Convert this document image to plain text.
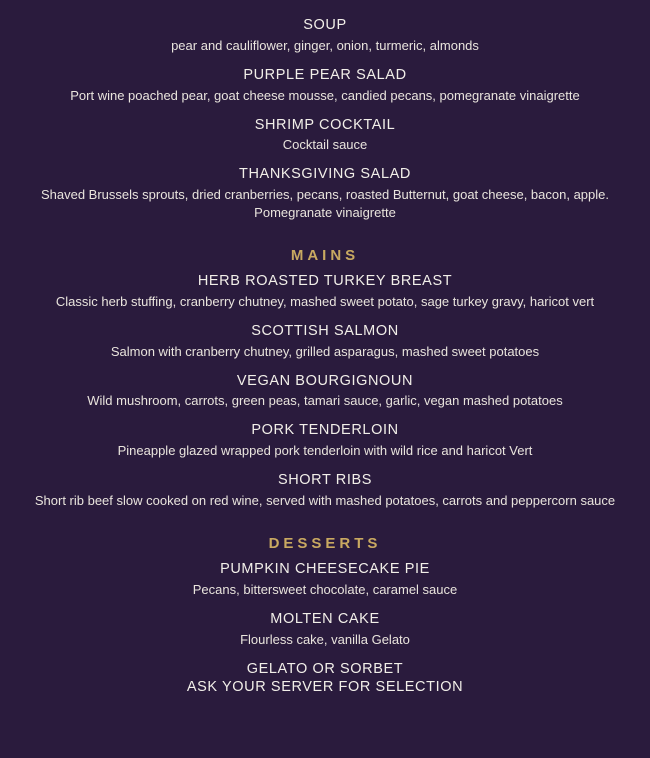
SOUP
pear and cauliflower, ginger, onion, turmeric, almonds
PURPLE PEAR SALAD
Port wine poached pear, goat cheese mousse, candied pecans, pomegranate vinaigrette
SHRIMP COCKTAIL
Cocktail sauce
THANKSGIVING SALAD
Shaved Brussels sprouts, dried cranberries, pecans, roasted Butternut, goat cheese, bacon, apple. Pomegranate vinaigrette
MAINS
HERB ROASTED TURKEY BREAST
Classic herb stuffing, cranberry chutney, mashed sweet potato, sage turkey gravy, haricot vert
SCOTTISH SALMON
Salmon with cranberry chutney, grilled asparagus, mashed sweet potatoes
VEGAN BOURGIGNOUN
Wild mushroom, carrots, green peas, tamari sauce, garlic, vegan mashed potatoes
PORK TENDERLOIN
Pineapple glazed wrapped pork tenderloin with wild rice and haricot Vert
SHORT RIBS
Short rib beef slow cooked on red wine, served with mashed potatoes, carrots and peppercorn sauce
DESSERTS
PUMPKIN CHEESECAKE PIE
Pecans, bittersweet chocolate, caramel sauce
MOLTEN CAKE
Flourless cake, vanilla Gelato
GELATO OR SORBET
ASK YOUR SERVER FOR SELECTION
